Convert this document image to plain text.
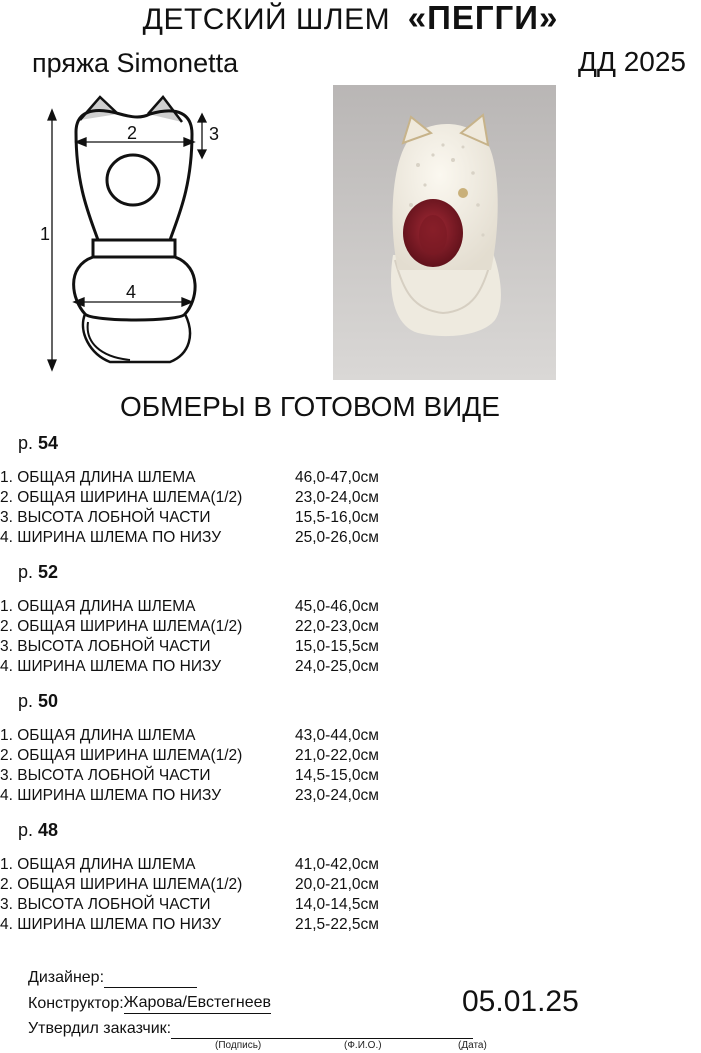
ДЕТСКИЙ ШЛЕМ «ПЕГГИ»
пряжа Simonetta	ДД 2025
1
2	3
4
ОБМЕРЫ В ГОТОВОМ ВИДЕ
р. 54
1. ОБЩАЯ ДЛИНА ШЛЕМА	46,0-47,0см
2. ОБЩАЯ ШИРИНА ШЛЕМА(1/2)	23,0-24,0см
3. ВЫСОТА ЛОБНОЙ ЧАСТИ	15,5-16,0см
4. ШИРИНА ШЛЕМА ПО НИЗУ	25,0-26,0см
р. 52
1. ОБЩАЯ ДЛИНА ШЛЕМА	45,0-46,0см
2. ОБЩАЯ ШИРИНА ШЛЕМА(1/2)	22,0-23,0см
3. ВЫСОТА ЛОБНОЙ ЧАСТИ	15,0-15,5см
4. ШИРИНА ШЛЕМА ПО НИЗУ	24,0-25,0см
р. 50
1. ОБЩАЯ ДЛИНА ШЛЕМА	43,0-44,0см
2. ОБЩАЯ ШИРИНА ШЛЕМА(1/2)	21,0-22,0см
3. ВЫСОТА ЛОБНОЙ ЧАСТИ	14,5-15,0см
4. ШИРИНА ШЛЕМА ПО НИЗУ	23,0-24,0см
р. 48
1. ОБЩАЯ ДЛИНА ШЛЕМА	41,0-42,0см
2. ОБЩАЯ ШИРИНА ШЛЕМА(1/2)	20,0-21,0см
3. ВЫСОТА ЛОБНОЙ ЧАСТИ	14,0-14,5см
4. ШИРИНА ШЛЕМА ПО НИЗУ	21,5-22,5см
Дизайнер:
Конструктор:Жарова/Евстегнеев
Утвердил заказчик:
(Подпись)	(Ф.И.О.)	(Дата)
05.01.25
